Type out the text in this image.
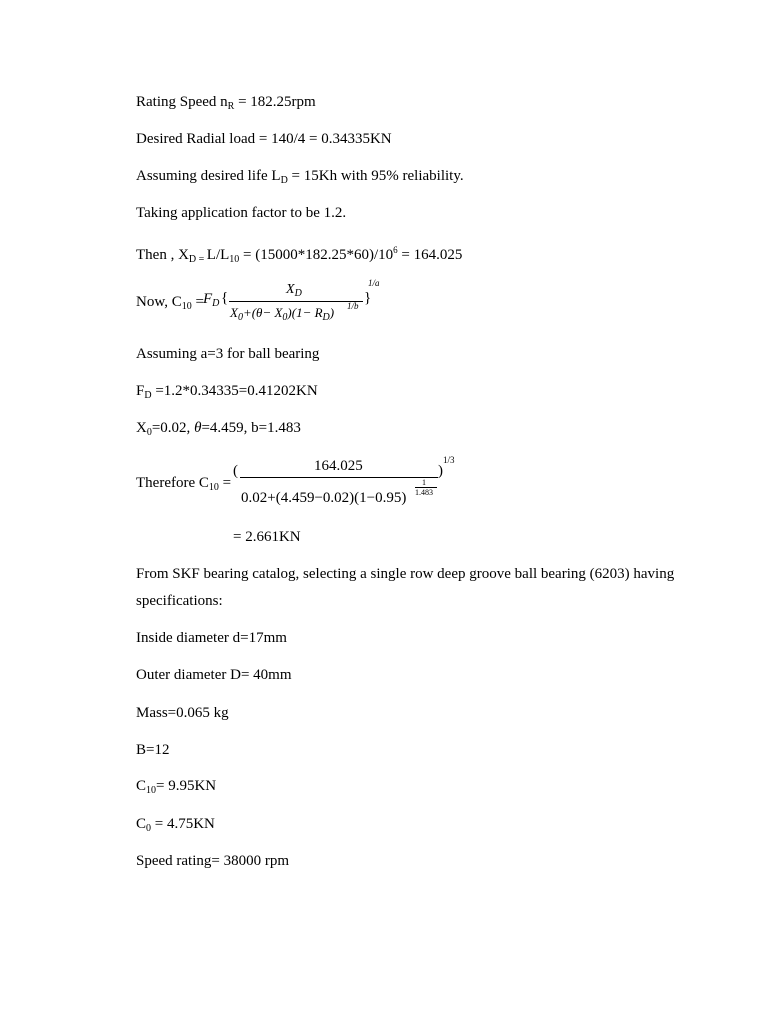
Rating Speed $n_R = 182.25rpm$
Desired Radial load = 140/4 = 0.34335KN
Assuming desired life $L_D = 15Kh$ with 95% reliability.
Taking application factor to be 1.2.
Then , $X_{D =}$ $L/L_{10} = (15000*182.25*60)/10^6 = 164.025$
Now, $C_{10} = F_D$ {
$X_D$
$X_0+(\theta- X_0)(1- R_D)$ 1/b }
1/a
Assuming a=3 for ball bearing
$F_D =1.2*0.34335=0.41202KN$
$X_0=0.02$, θ=4.459, b=1.483
Therefore $C_{10}$ =
(	164.025
0.02+(4.459−0.02)(1−0.95)
1
1.483
)
1/3
= 2.661KN
From SKF bearing catalog, selecting a single row deep groove ball bearing (6203) having specifications:
Inside diameter d=17mm
Outer diameter D= 40mm
Mass=0.065 kg
B=12
$C_{10}= 9.95KN$
$C_0 = 4.75KN$
Speed rating= 38000 rpm
